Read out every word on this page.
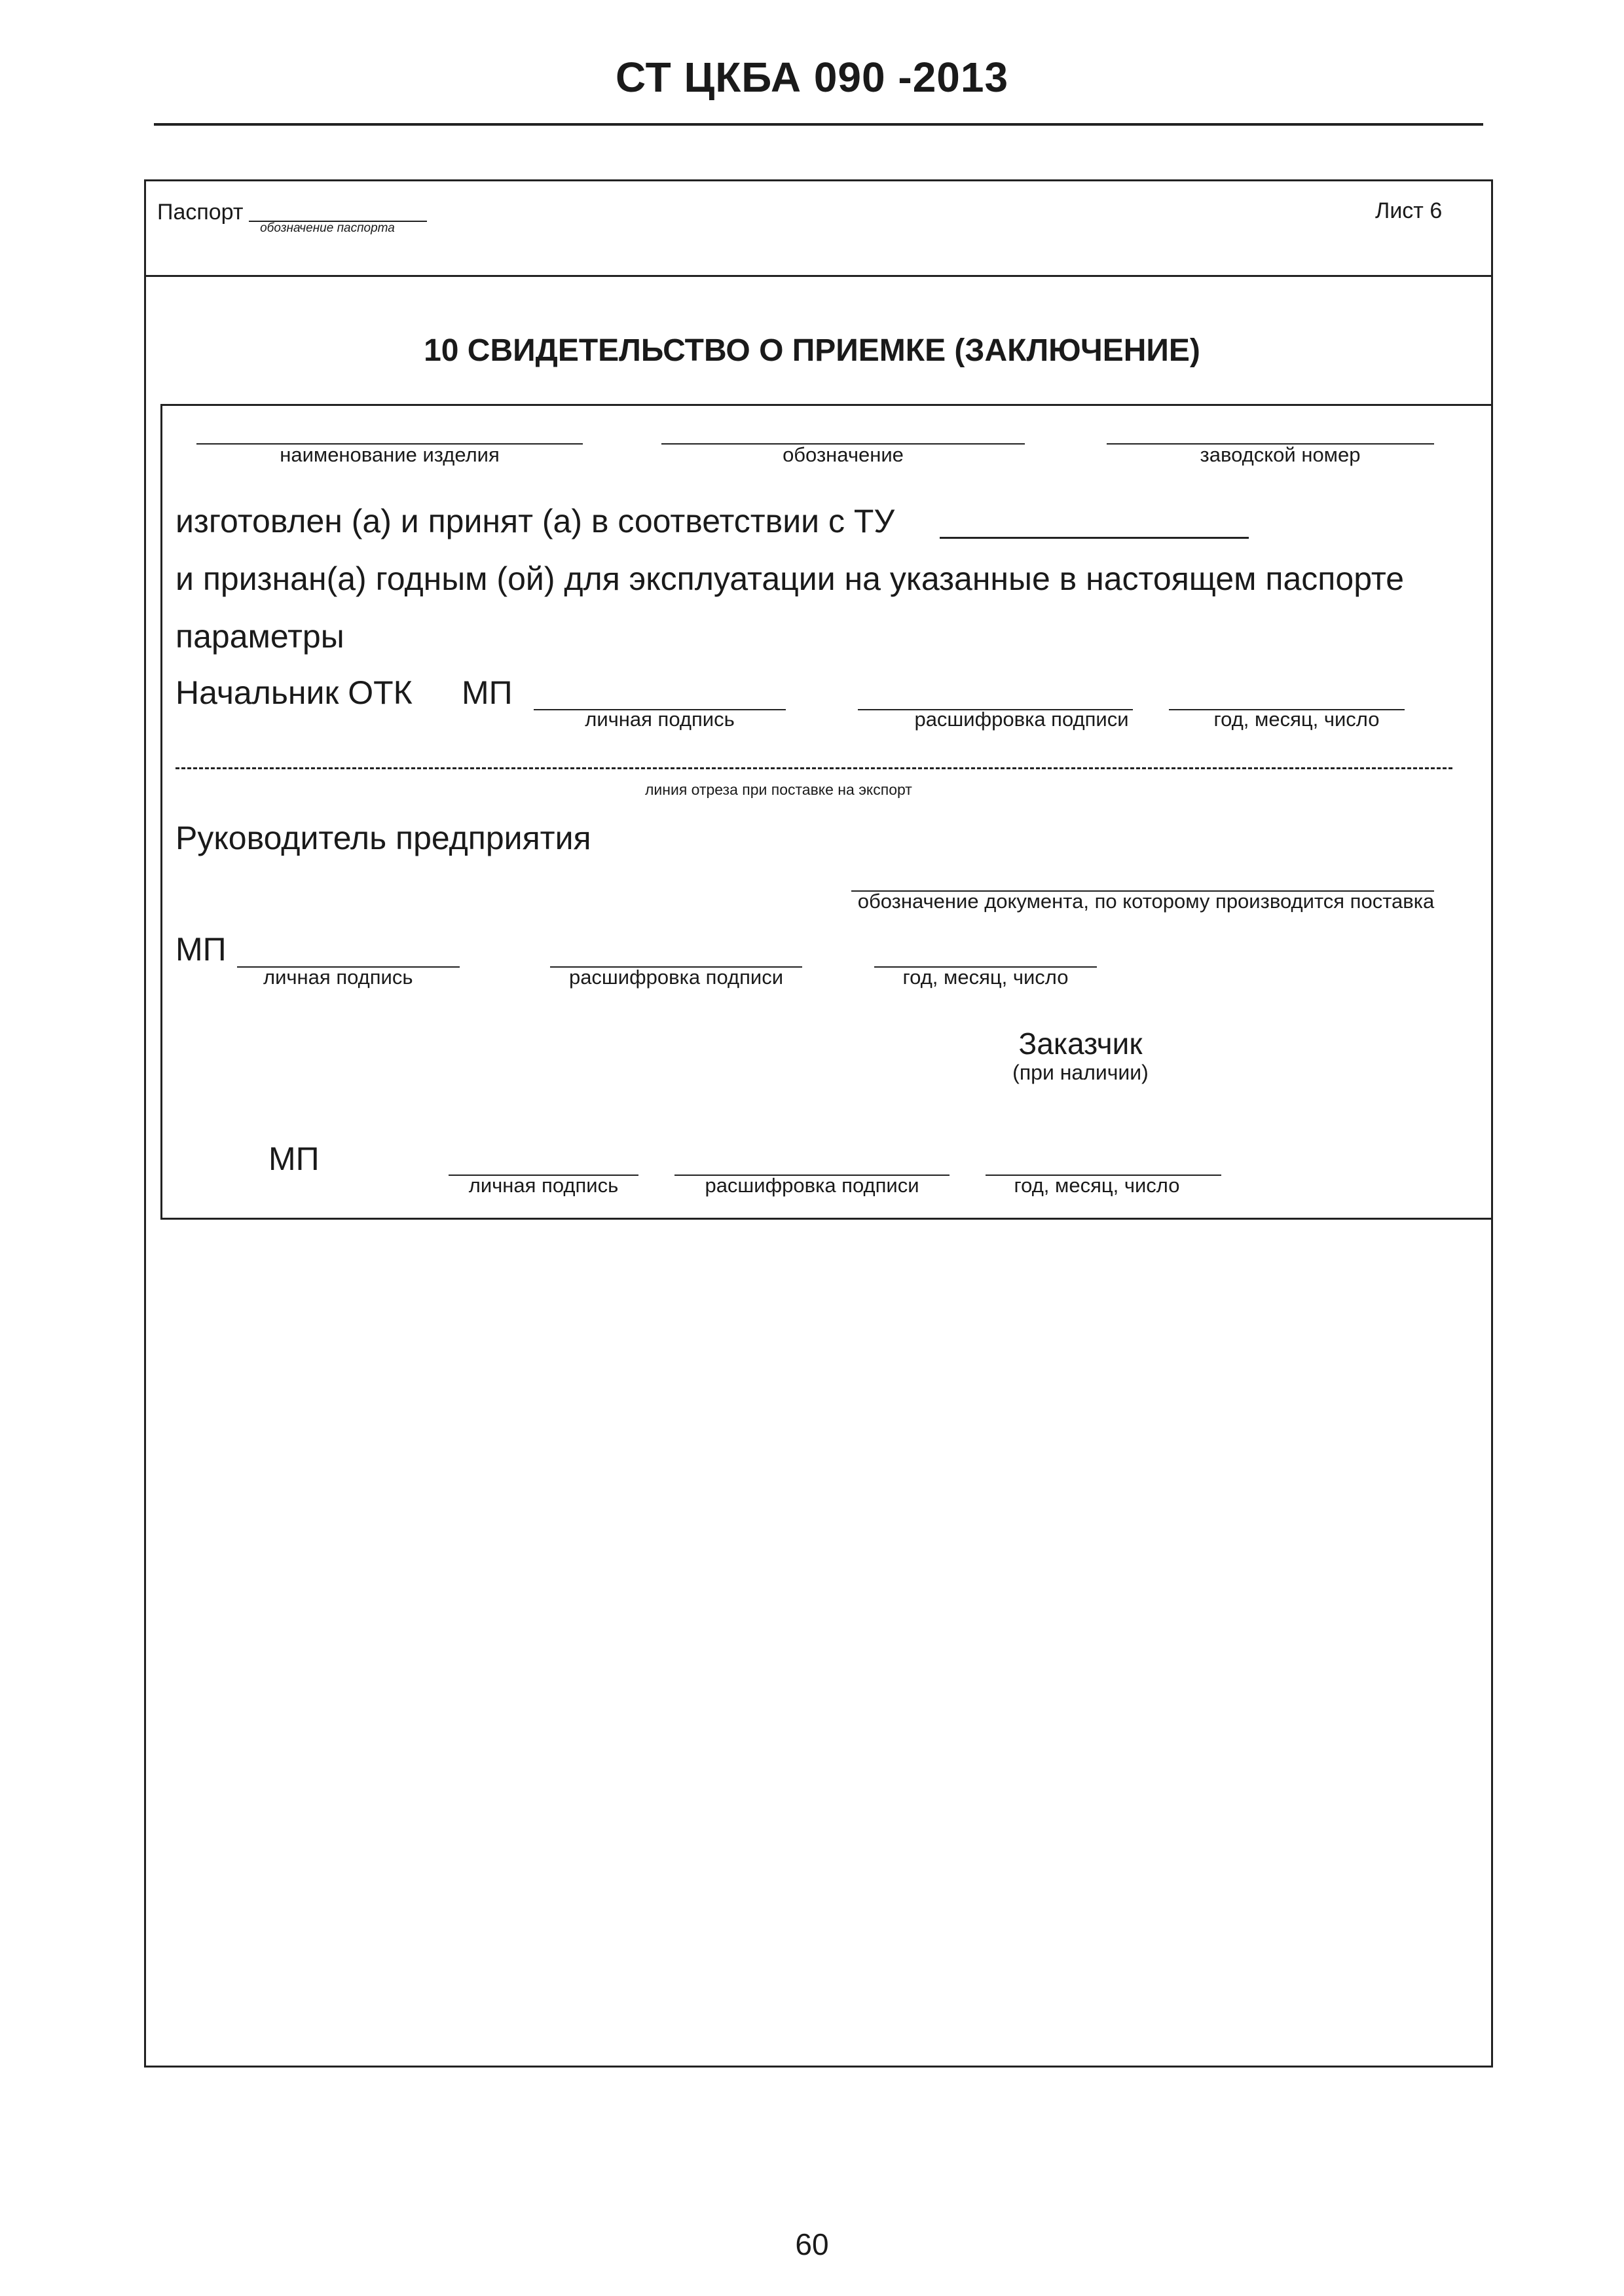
СТ ЦКБА 090 -2013
Паспорт
обозначение паспорта
Лист 6
10 СВИДЕТЕЛЬСТВО О ПРИЕМКЕ (ЗАКЛЮЧЕНИЕ)
наименование изделия	обозначение	заводской номер
изготовлен (а) и принят (а) в соответствии с ТУ
и признан(а) годным (ой) для эксплуатации на указанные в настоящем паспорте
параметры
Начальник ОТК МП
личная подпись	расшифровка подписи	год, месяц, число
линия отреза при поставке на экспорт
Руководитель предприятия
обозначение документа, по которому производится поставка
МП
личная подпись	расшифровка подписи	год, месяц, число
Заказчик
(при наличии)
МП
личная подпись	расшифровка подписи	год, месяц, число
60
